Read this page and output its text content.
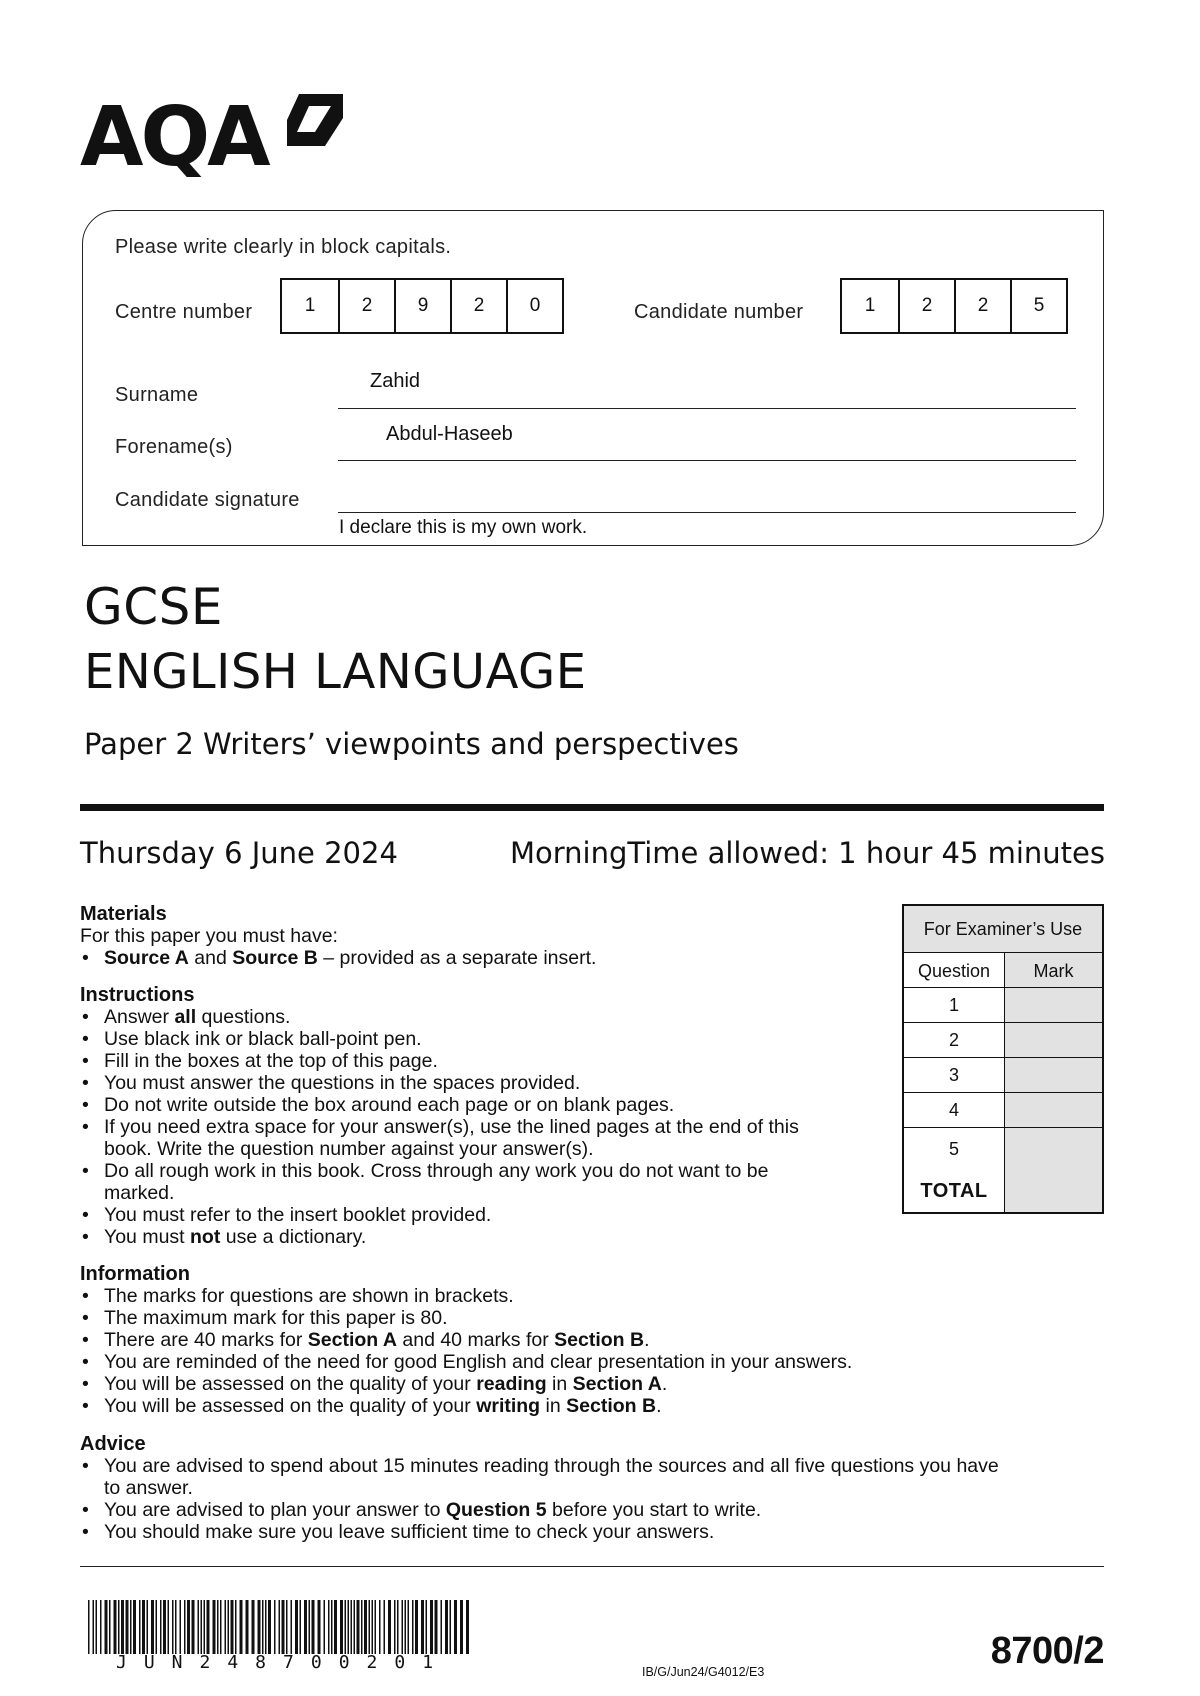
AQA
Please write clearly in block capitals.
Centre number	1	2	9	2	0	Candidate number	1	2	2	5
Surname
Zahid
Forename(s)
Abdul-Haseeb
Candidate signature
I declare this is my own work.
GCSE
ENGLISH LANGUAGE
Paper 2 Writers’ viewpoints and perspectives
Thursday 6 June 2024	Morning Time allowed: 1 hour 45 minutes
Materials

For this paper you must have:

• Source A and Source B – provided as a separate insert.
Instructions
• Answer all questions.
• Use black ink or black ball-point pen.
• Fill in the boxes at the top of this page.
• You must answer the questions in the spaces provided.
• Do not write outside the box around each page or on blank pages.
• If you need extra space for your answer(s), use the lined pages at the end of this book. Write the question number against your answer(s).
• Do all rough work in this book. Cross through any work you do not want to be marked.
• You must refer to the insert booklet provided.
• You must not use a dictionary.
Information
• The marks for questions are shown in brackets.
• The maximum mark for this paper is 80.
• There are 40 marks for Section A and 40 marks for Section B.
• You are reminded of the need for good English and clear presentation in your answers.
• You will be assessed on the quality of your reading in Section A.
• You will be assessed on the quality of your writing in Section B.
Advice
• You are advised to spend about 15 minutes reading through the sources and all five questions you have to answer.
• You are advised to plan your answer to Question 5 before you start to write.
• You should make sure you leave sufficient time to check your answers.
For Examiner’s Use
Question	Mark
1
2
3
4
5
TOTAL
JUN248700201	IB/G/Jun24/G4012/E3	8700/2
